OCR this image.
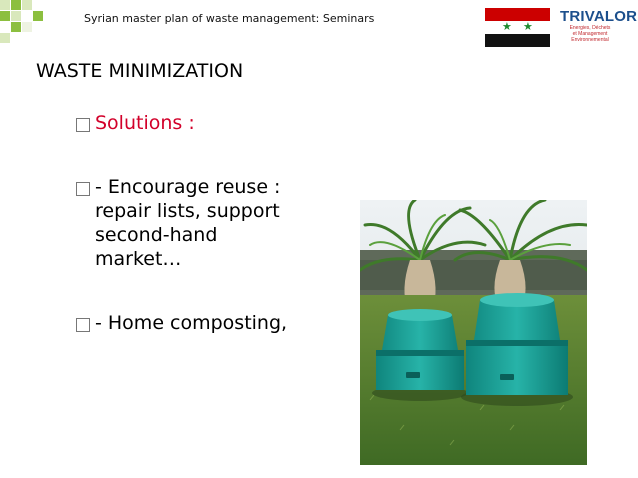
Syrian master plan of waste management: Seminars
★ ★
TRIVALOR
Energies, Déchets
et Management
Environnemental
WASTE MINIMIZATION
Solutions :
- Encourage reuse :
repair lists, support
second-hand
market…
- Home composting,
